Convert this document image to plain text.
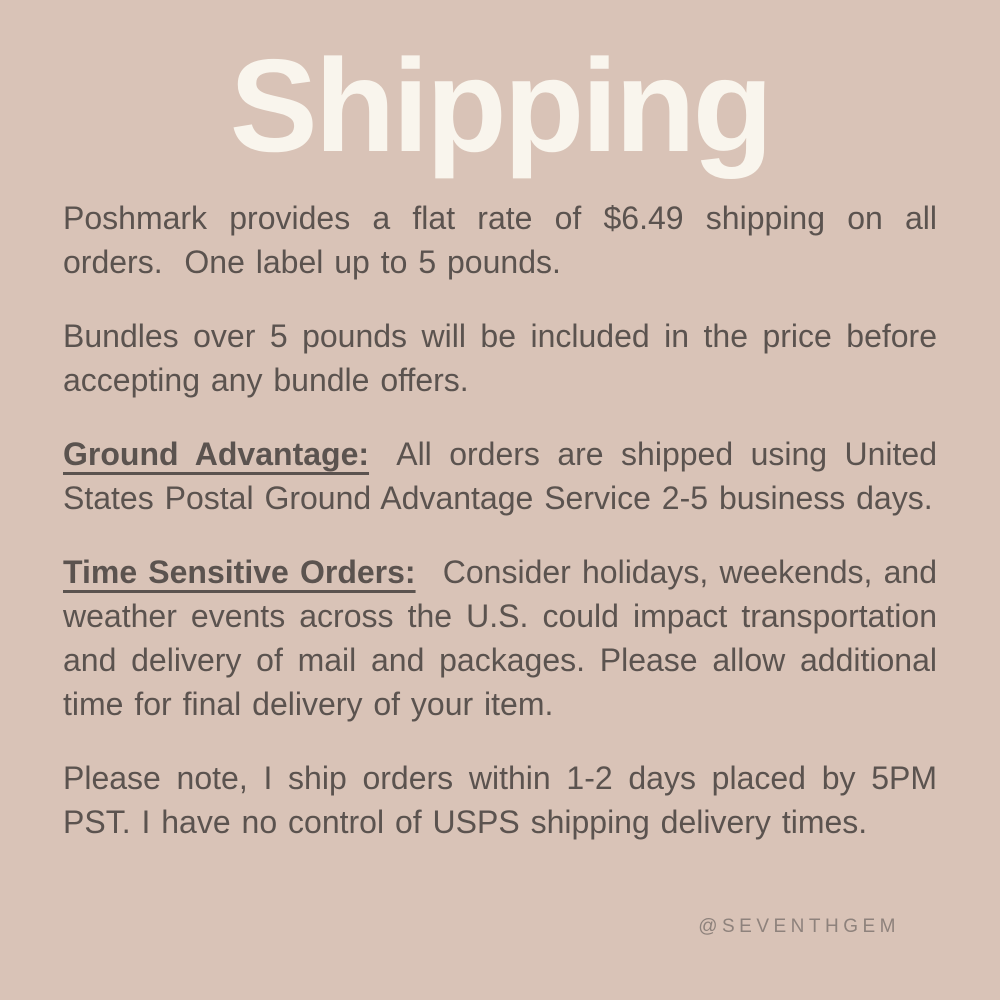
Shipping

Poshmark provides a flat rate of $6.49 shipping on all orders.  One label up to 5 pounds.

Bundles over 5 pounds will be included in the price before accepting any bundle offers.

Ground Advantage: All orders are shipped using United States Postal Ground Advantage Service 2-5 business days.

Time Sensitive Orders: Consider holidays, weekends, and weather events across the U.S. could impact transportation and delivery of mail and packages. Please allow additional time for final delivery of your item.

Please note, I ship orders within 1-2 days placed by 5PM PST. I have no control of USPS shipping delivery times.

@SEVENTHGEM
